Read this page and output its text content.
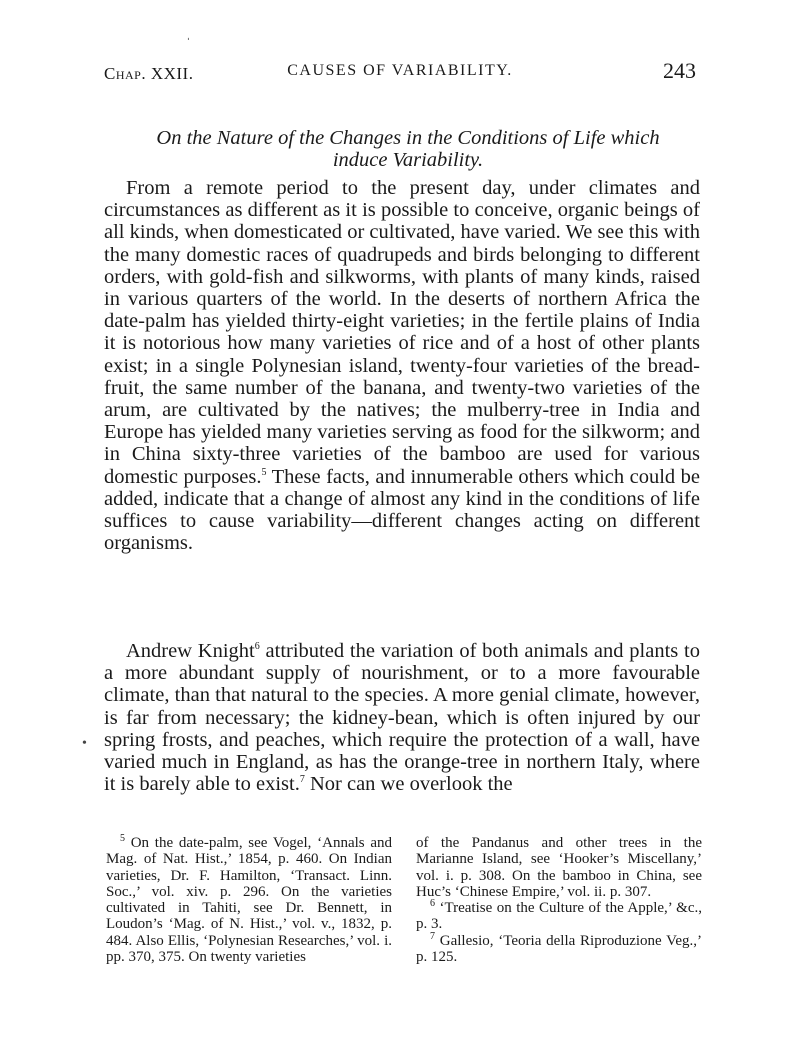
Chap. XXII.	CAUSES OF VARIABILITY.	243
On the Nature of the Changes in the Conditions of Life which
induce Variability.

From a remote period to the present day, under climates and circumstances as different as it is possible to conceive, organic beings of all kinds, when domesticated or cultivated, have varied. We see this with the many domestic races of quadrupeds and birds belonging to different orders, with gold-fish and silkworms, with plants of many kinds, raised in various quarters of the world. In the deserts of northern Africa the date-palm has yielded thirty-eight varieties; in the fertile plains of India it is notorious how many varieties of rice and of a host of other plants exist; in a single Polynesian island, twenty-four varieties of the bread-fruit, the same number of the banana, and twenty-two varieties of the arum, are cultivated by the natives; the mulberry-tree in India and Europe has yielded many varieties serving as food for the silkworm; and in China sixty-three varieties of the bamboo are used for various domestic purposes.$^5$ These facts, and innumerable others which could be added, indicate that a change of almost any kind in the conditions of life suffices to cause variability—different changes acting on different organisms.

Andrew Knight$^6$ attributed the variation of both animals and plants to a more abundant supply of nourishment, or to a more favourable climate, than that natural to the species. A more genial climate, however, is far from necessary; the kidney-bean, which is often injured by our spring frosts, and peaches, which require the protection of a wall, have varied much in England, as has the orange-tree in northern Italy, where it is barely able to exist.$^7$ Nor can we overlook the

$^5$ On the date-palm, see Vogel, ‘Annals and Mag. of Nat. Hist.,’ 1854, p. 460. On Indian varieties, Dr. F. Hamilton, ‘Transact. Linn. Soc.,’ vol. xiv. p. 296. On the varieties cultivated in Tahiti, see Dr. Bennett, in Loudon’s ‘Mag. of N. Hist.,’ vol. v., 1832, p. 484. Also Ellis, ‘Polynesian Researches,’ vol. i. pp. 370, 375. On twenty varieties

of the Pandanus and other trees in the Marianne Island, see ‘Hooker’s Miscellany,’ vol. i. p. 308. On the bamboo in China, see Huc’s ‘Chinese Empire,’ vol. ii. p. 307.

$^6$ ‘Treatise on the Culture of the Apple,’ &c., p. 3.

$^7$ Gallesio, ‘Teoria della Riproduzione Veg.,’ p. 125.

ˌ
•
